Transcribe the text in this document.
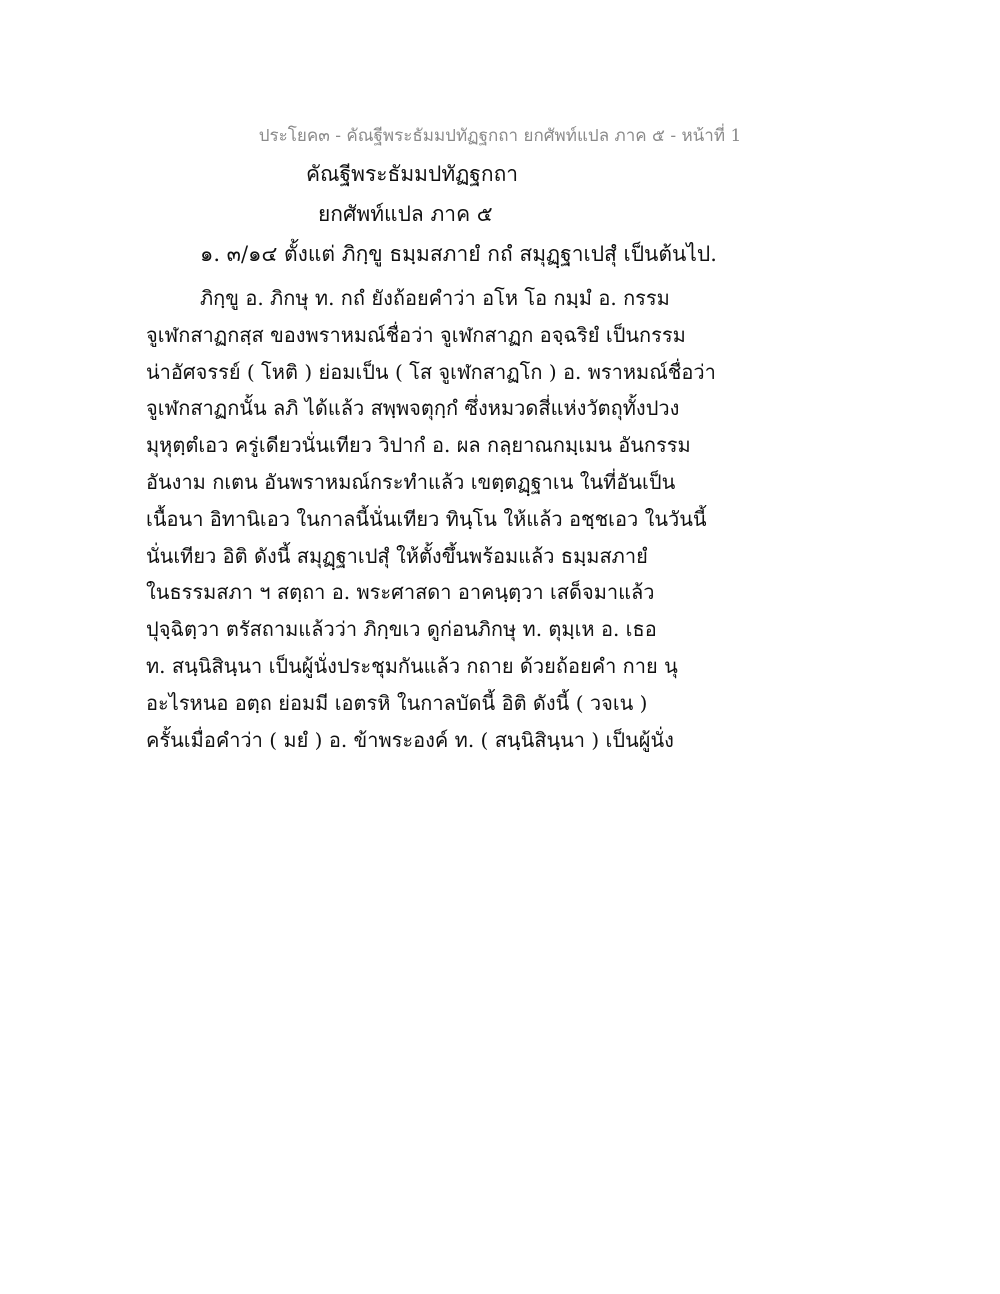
ประโยค๓ - คัณฐีพระธัมมปทัฏฐกถา ยกศัพท์แปล ภาค ๕ - หน้าที่ 1
คัณฐีพระธัมมปทัฏฐกถา
ยกศัพท์แปล ภาค ๕
๑. ๓/๑๔ ตั้งแต่ ภิกฺขู ธมฺมสภายํ กถํ สมุฏฺฐาเปสุํ เป็นต้นไป.
ภิกฺขู อ. ภิกษุ ท. กถํ ยังถ้อยคำว่า อโห โอ กมฺมํ อ. กรรม
จูเฬกสาฏกสฺส ของพราหมณ์ชื่อว่า จูเฬกสาฏก อจฺฉริยํ เป็นกรรม
น่าอัศจรรย์ ( โหติ ) ย่อมเป็น ( โส จูเฬกสาฏโก ) อ. พราหมณ์ชื่อว่า
จูเฬกสาฏกนั้น ลภิ ได้แล้ว สพฺพจตุกฺกํ ซึ่งหมวดสี่แห่งวัตถุทั้งปวง
มุหุตฺตํเอว ครู่เดียวนั่นเทียว วิปากํ อ. ผล กลฺยาณกมฺเมน อันกรรม
อันงาม กเตน อันพราหมณ์กระทำแล้ว เขตฺตฏฺฐาเน ในที่อันเป็น
เนื้อนา อิทานิเอว ในกาลนี้นั่นเทียว ทินฺโน ให้แล้ว อชฺชเอว ในวันนี้
นั่นเทียว อิติ ดังนี้ สมุฏฺฐาเปสุํ ให้ตั้งขึ้นพร้อมแล้ว ธมฺมสภายํ
ในธรรมสภา ฯ สตฺถา อ. พระศาสดา อาคนฺตฺวา เสด็จมาแล้ว
ปุจฺฉิตฺวา ตรัสถามแล้วว่า ภิกฺขเว ดูก่อนภิกษุ ท. ตุมฺเห อ. เธอ
ท. สนฺนิสินฺนา เป็นผู้นั่งประชุมกันแล้ว กถาย ด้วยถ้อยคำ กาย นุ
อะไรหนอ อตฺถ ย่อมมี เอตรหิ ในกาลบัดนี้ อิติ ดังนี้ ( วจเน )
ครั้นเมื่อคำว่า ( มยํ ) อ. ข้าพระองค์ ท. ( สนฺนิสินฺนา ) เป็นผู้นั่ง
